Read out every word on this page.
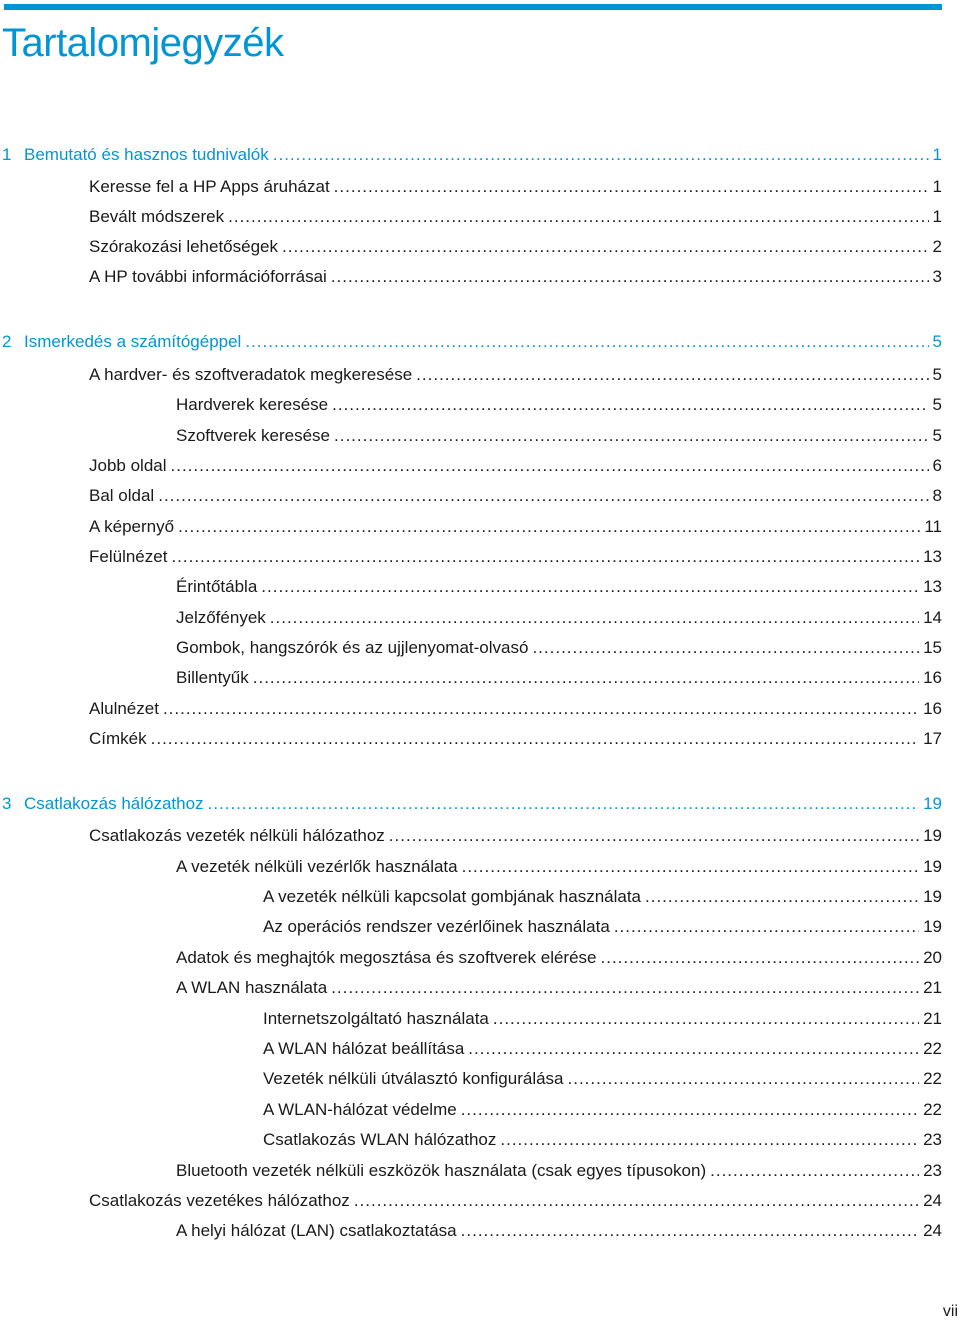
Tartalomjegyzék
1 Bemutató és hasznos tudnivalók .....	1
Keresse fel a HP Apps áruházat .....	1
Bevált módszerek .....	1
Szórakozási lehetőségek .....	2
A HP további információforrásai .....	3
2 Ismerkedés a számítógéppel .....	5
A hardver- és szoftveradatok megkeresése .....	5
Hardverek keresése .....	5
Szoftverek keresése .....	5
Jobb oldal .....	6
Bal oldal .....	8
A képernyő .....	11
Felülnézet .....	13
Érintőtábla .....	13
Jelzőfények .....	14
Gombok, hangszórók és az ujjlenyomat-olvasó .....	15
Billentyűk .....	16
Alulnézet .....	16
Címkék .....	17
3 Csatlakozás hálózathoz .....	19
Csatlakozás vezeték nélküli hálózathoz .....	19
A vezeték nélküli vezérlők használata .....	19
A vezeték nélküli kapcsolat gombjának használata .....	19
Az operációs rendszer vezérlőinek használata .....	19
Adatok és meghajtók megosztása és szoftverek elérése .....	20
A WLAN használata .....	21
Internetszolgáltató használata .....	21
A WLAN hálózat beállítása .....	22
Vezeték nélküli útválasztó konfigurálása .....	22
A WLAN-hálózat védelme .....	22
Csatlakozás WLAN hálózathoz .....	23
Bluetooth vezeték nélküli eszközök használata (csak egyes típusokon) .....	23
Csatlakozás vezetékes hálózathoz .....	24
A helyi hálózat (LAN) csatlakoztatása .....	24
vii
